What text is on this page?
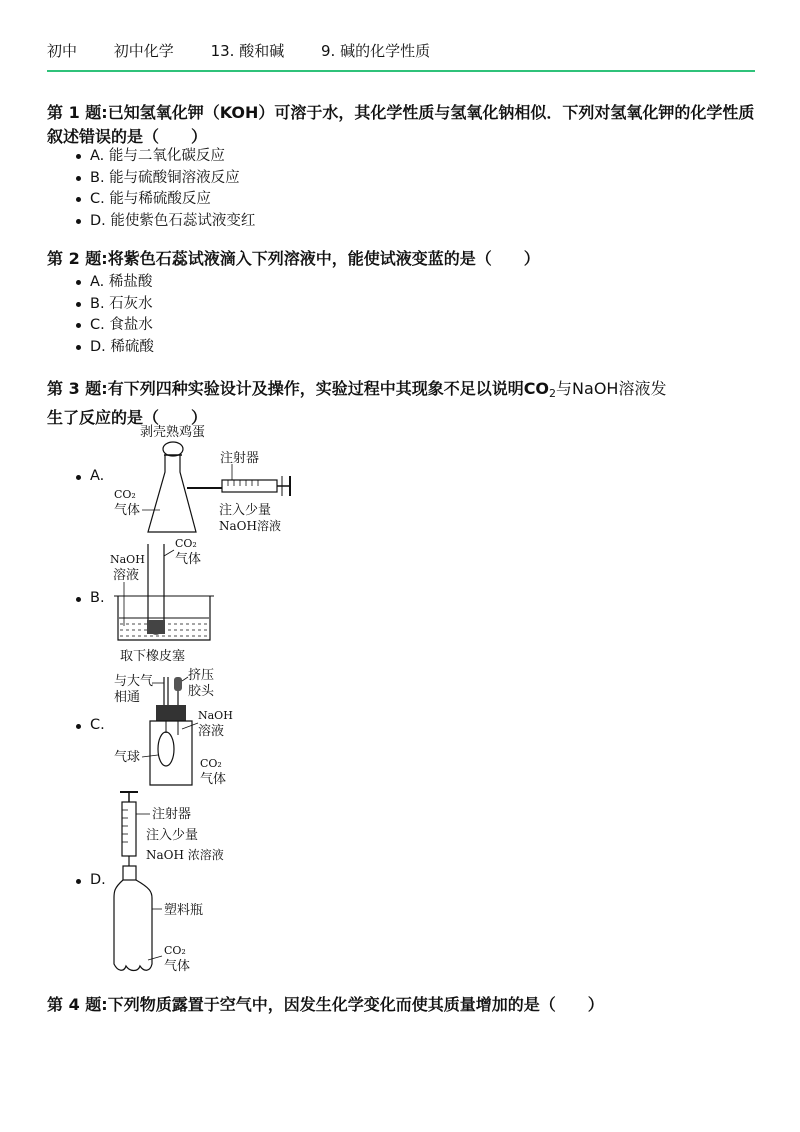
初中 初中化学 13. 酸和碱 9. 碱的化学性质
第 1 题:已知氢氧化钾（KOH）可溶于水，其化学性质与氢氧化钠相似．下列对氢氧化钾的化学性质叙述错误的是（　　）
A. 能与二氧化碳反应
B. 能与硫酸铜溶液反应
C. 能与稀硫酸反应
D. 能使紫色石蕊试液变红
第 2 题:将紫色石蕊试液滴入下列溶液中，能使试液变蓝的是（　　）
A. 稀盐酸
B. 石灰水
C. 食盐水
D. 稀硫酸
第 3 题:有下列四种实验设计及操作，实验过程中其现象不足以说明$CO_2$与NaOH溶液发
生了反应的是（　　）
A.
剥壳熟鸡蛋
注射器
CO₂
气体	注入少量
NaOH溶液
B.
CO₂
气体
NaOH
溶液
取下橡皮塞
C.
与大气
相通
挤压
胶头
NaOH
溶液
气球	CO₂
气体
D.
注射器
注入少量
NaOH 浓溶液
塑料瓶
CO₂
气体
第 4 题:下列物质露置于空气中，因发生化学变化而使其质量增加的是（　　）
